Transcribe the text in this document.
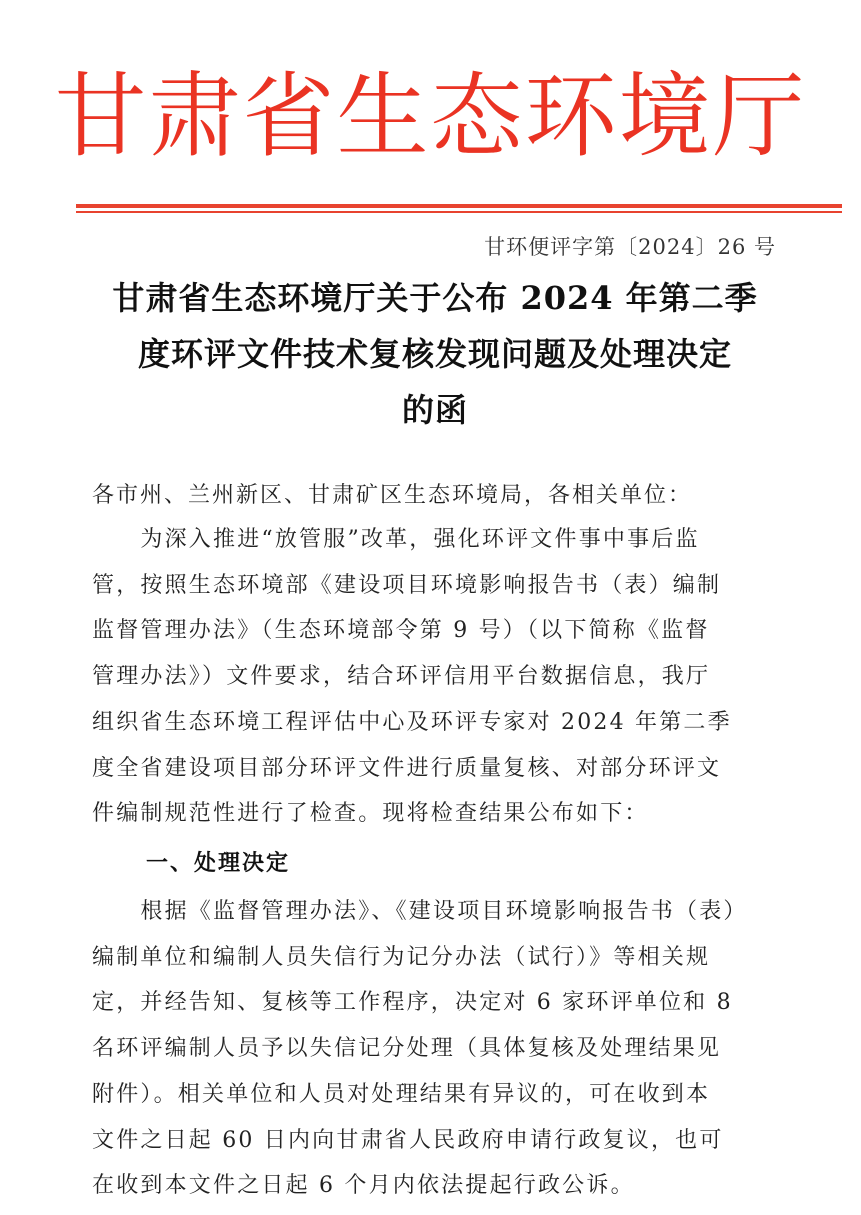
甘肃省生态环境厅
甘环便评字第〔2024〕26 号
甘肃省生态环境厅关于公布 2024 年第二季
度环评文件技术复核发现问题及处理决定
的函
各市州、兰州新区、甘肃矿区生态环境局，各相关单位：
　　为深入推进“放管服”改革，强化环评文件事中事后监
管，按照生态环境部《建设项目环境影响报告书（表）编制
监督管理办法》（生态环境部令第 9 号）（以下简称《监督
管理办法》）文件要求，结合环评信用平台数据信息，我厅
组织省生态环境工程评估中心及环评专家对 2024 年第二季
度全省建设项目部分环评文件进行质量复核、对部分环评文
件编制规范性进行了检查。现将检查结果公布如下：
一、处理决定
　　根据《监督管理办法》、《建设项目环境影响报告书（表）
编制单位和编制人员失信行为记分办法（试行）》等相关规
定，并经告知、复核等工作程序，决定对 6 家环评单位和 8
名环评编制人员予以失信记分处理（具体复核及处理结果见
附件）。相关单位和人员对处理结果有异议的，可在收到本
文件之日起 60 日内向甘肃省人民政府申请行政复议，也可
在收到本文件之日起 6 个月内依法提起行政公诉。
